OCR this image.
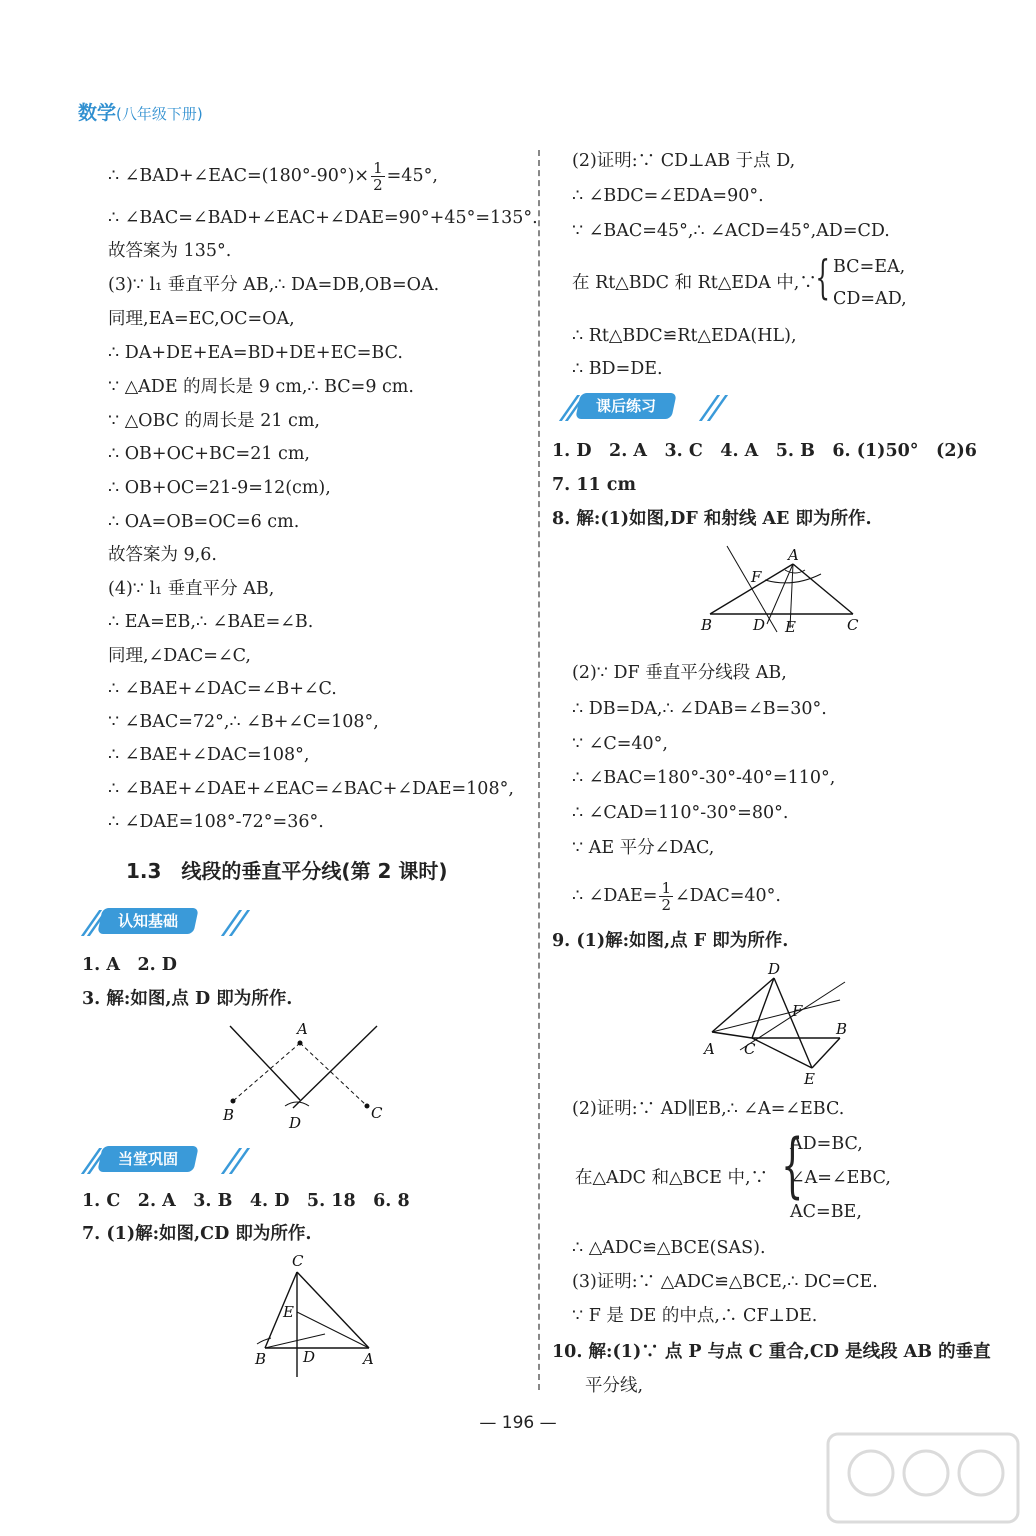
数学(八年级下册)
∴ ∠BAD+∠EAC=(180°-90°)× $\frac{1}{2} =45^\circ$,
∴ ∠BAC=∠BAD+∠EAC+∠DAE=90°+45°=135°.
故答案为 135°.
(3)∵ l₁ 垂直平分 AB,∴ DA=DB,OB=OA.
同理,EA=EC,OC=OA,
∴ DA+DE+EA=BD+DE+EC=BC.
∵ △ADE 的周长是 9 cm,∴ BC=9 cm.
∵ △OBC 的周长是 21 cm,
∴ OB+OC+BC=21 cm,
∴ OB+OC=21-9=12(cm),
∴ OA=OB=OC=6 cm.
故答案为 9,6.
(4)∵ l₁ 垂直平分 AB,
∴ EA=EB,∴ ∠BAE=∠B.
同理,∠DAC=∠C,
∴ ∠BAE+∠DAC=∠B+∠C.
∵ ∠BAC=72°,∴ ∠B+∠C=108°,
∴ ∠BAE+∠DAC=108°,
∴ ∠BAE+∠DAE+∠EAC=∠BAC+∠DAE=108°,
∴ ∠DAE=108°-72°=36°.
1.3　线段的垂直平分线(第 2 课时)
认知基础
1. A　2. D
3. 解:如图,点 D 即为所作.
A
B	C
D
当堂巩固
1. C　2. A　3. B　4. D　5. 18　6. 8
7. (1)解:如图,CD 即为所作.
C
E
B D	A
(2)证明:∵ CD⊥AB 于点 D,
∴ ∠BDC=∠EDA=90°.
∵ ∠BAC=45°,∴ ∠ACD=45°,AD=CD.
在 Rt△BDC 和 Rt△EDA 中,∵
{ BC=EA,
CD=AD,
∴ Rt△BDC≌Rt△EDA(HL),
∴ BD=DE.
课后练习
1. D　2. A　3. C　4. A　5. B　6. (1)50°　(2)6
7. 11 cm
8. 解:(1)如图,DF 和射线 AE 即为所作.
A
F
B	D E	C
(2)∵ DF 垂直平分线段 AB,
∴ DB=DA,∴ ∠DAB=∠B=30°.
∵ ∠C=40°,
∴ ∠BAC=180°-30°-40°=110°,
∴ ∠CAD=110°-30°=80°.
∵ AE 平分∠DAC,
∴ ∠DAE= $\frac{1}{2}$ ∠DAC=40°.
9. (1)解:如图,点 F 即为所作.
D
F
B
A C
E
(2)证明:∵ AD∥EB,∴ ∠A=∠EBC.
在△ADC 和△BCE 中,∵ {
AD=BC,
∠A=∠EBC,
AC=BE,
∴ △ADC≌△BCE(SAS).
(3)证明:∵ △ADC≌△BCE,∴ DC=CE.
∵ F 是 DE 的中点,∴ CF⊥DE.
10. 解:(1)∵ 点 P 与点 C 重合,CD 是线段 AB 的垂直
平分线,
— 196 —
